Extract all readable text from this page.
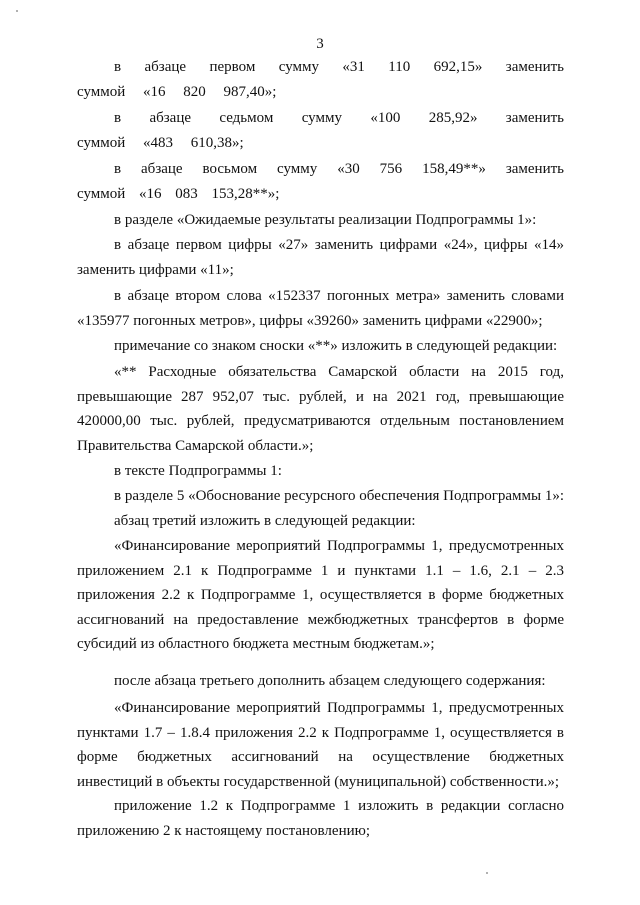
3

в абзаце первом сумму «31 110 692,15» заменить суммой «16 820 987,40»;

в абзаце седьмом сумму «100 285,92» заменить суммой «483 610,38»;

в абзаце восьмом сумму «30 756 158,49**» заменить суммой «16 083 153,28**»;

в разделе «Ожидаемые результаты реализации Подпрограммы 1»:

в абзаце первом цифры «27» заменить цифрами «24», цифры «14» заменить цифрами «11»;

в абзаце втором слова «152337 погонных метра» заменить словами «135977 погонных метров», цифры «39260» заменить цифрами «22900»;

примечание со знаком сноски «**» изложить в следующей редакции:

«** Расходные обязательства Самарской области на 2015 год, превышающие 287 952,07 тыс. рублей, и на 2021 год, превышающие 420000,00 тыс. рублей, предусматриваются отдельным постановлением Правительства Самарской области.»;

в тексте Подпрограммы 1:

в разделе 5 «Обоснование ресурсного обеспечения Подпрограммы 1»:

абзац третий изложить в следующей редакции:

«Финансирование мероприятий Подпрограммы 1, предусмотренных приложением 2.1 к Подпрограмме 1 и пунктами 1.1 – 1.6, 2.1 – 2.3 приложения 2.2 к Подпрограмме 1, осуществляется в форме бюджетных ассигнований на предоставление межбюджетных трансфертов в форме субсидий из областного бюджета местным бюджетам.»;

после абзаца третьего дополнить абзацем следующего содержания:

«Финансирование мероприятий Подпрограммы 1, предусмотренных пунктами 1.7 – 1.8.4 приложения 2.2 к Подпрограмме 1, осуществляется в форме бюджетных ассигнований на осуществление бюджетных инвестиций в объекты государственной (муниципальной) собственности.»;

приложение 1.2 к Подпрограмме 1 изложить в редакции согласно приложению 2 к настоящему постановлению;
